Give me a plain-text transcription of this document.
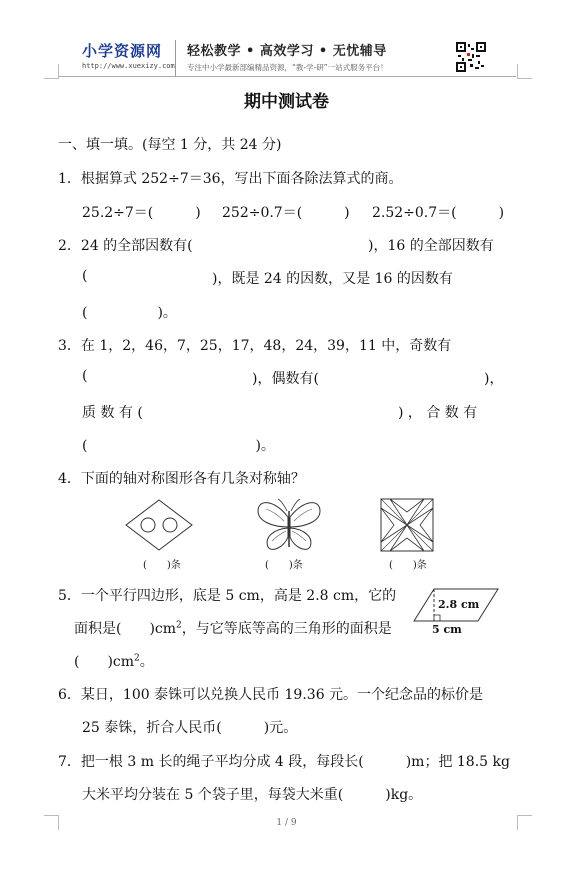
小学资源网
http://www.xuexizy.com
轻松教学 • 高效学习 • 无忧辅导
专注中小学最新部编精品资源，“教-学-研”一站式服务平台！
期中测试卷
一、填一填。(每空 1 分，共 24 分)
1．根据算式 252÷7＝36，写出下面各除法算式的商。
25.2÷7＝(　　　) 252÷0.7＝(　　　) 2.52÷0.7＝(　　　)
2．24 的全部因数有(	)，16 的全部因数有
(	)，既是 24 的因数，又是 16 的因数有
(　　　　　)。
3．在 1，2，46，7，25，17，48，24，39，11 中，奇数有
(	)，偶数有(	)，
质 数 有 (	) ， 合 数 有
(　　　　　　　　　　　　)。
4．下面的轴对称图形各有几条对称轴？
(　　)条	(　　)条	(　　)条
5．一个平行四边形，底是 5 cm，高是 2.8 cm，它的
面积是(　　)$cm^2$，与它等底等高的三角形的面积是
(　　)$cm^2$。
2.8 cm
5 cm
6．某日，100 泰铢可以兑换人民币 19.36 元。一个纪念品的标价是
25 泰铢，折合人民币(　　　)元。
7．把一根 3 m 长的绳子平均分成 4 段，每段长(　　　)m；把 18.5 kg
大米平均分装在 5 个袋子里，每袋大米重(　　　)kg。
1 / 9
